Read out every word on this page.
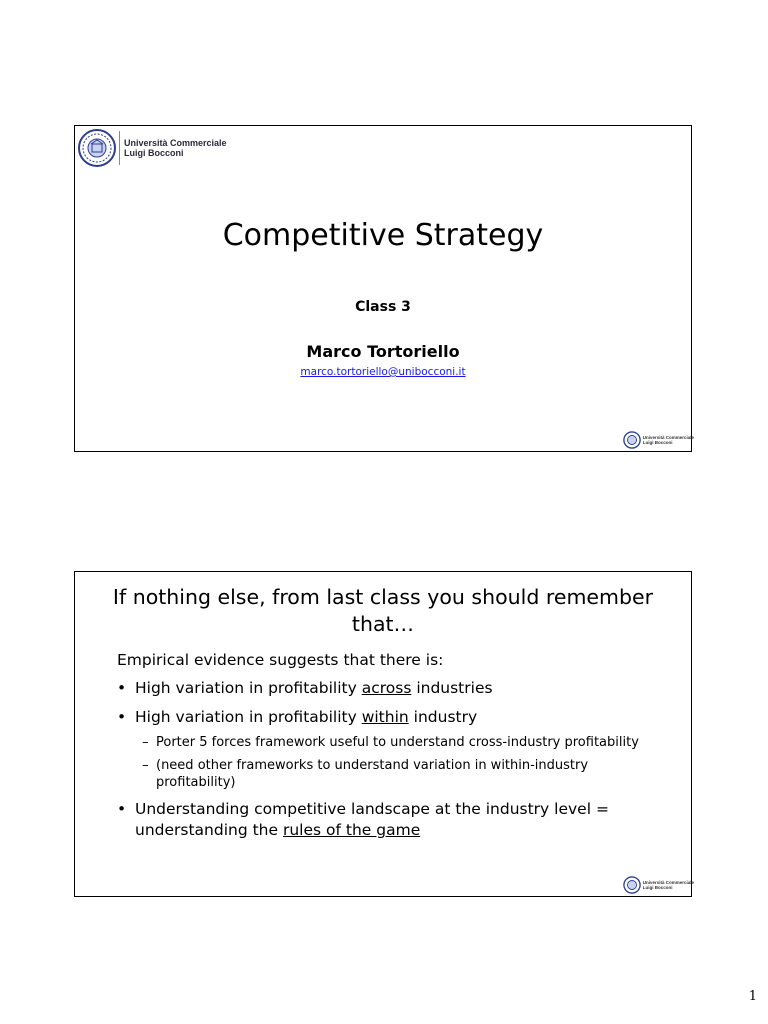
Università Commerciale
Luigi Bocconi
Competitive Strategy
Class 3
Marco Tortoriello
marco.tortoriello@unibocconi.it
Università Commerciale
Luigi Bocconi
If nothing else, from last class you should remember
that…
Empirical evidence suggests that there is:
• High variation in profitability across industries
• High variation in profitability within industry
– Porter 5 forces framework useful to understand cross-industry profitability
– (need other frameworks to understand variation in within-industry profitability)
• Understanding competitive landscape at the industry level = understanding the rules of the game
Università Commerciale
Luigi Bocconi
1
